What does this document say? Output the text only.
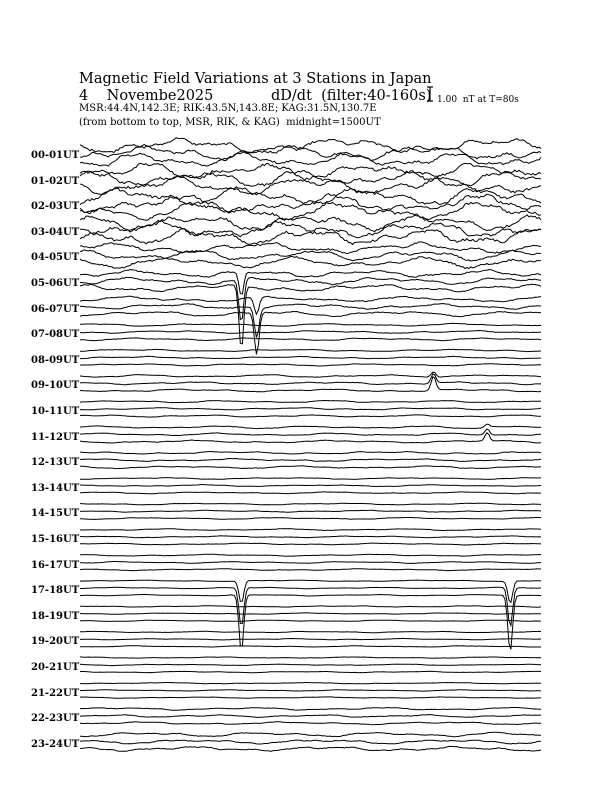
Magnetic Field Variations at 3 Stations in Japan
4    Novembe2025	dD/dt  (filter:40-160s)
MSR:44.4N,142.3E; RIK:43.5N,143.8E; KAG:31.5N,130.7E
(from bottom to top, MSR, RIK, & KAG)  midnight=1500UT
1.00  nT at T=80s
00-01UT
01-02UT
02-03UT
03-04UT
04-05UT
05-06UT
06-07UT
07-08UT
08-09UT
09-10UT
10-11UT
11-12UT
12-13UT
13-14UT
14-15UT
15-16UT
16-17UT
17-18UT
18-19UT
19-20UT
20-21UT
21-22UT
22-23UT
23-24UT
